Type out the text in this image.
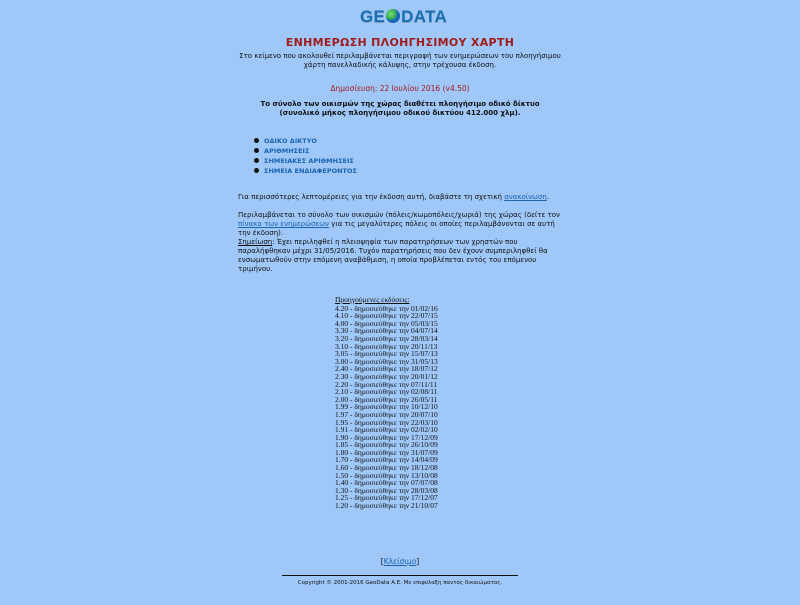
GE DATA
ΕΝΗΜΕΡΩΣΗ ΠΛΟΗΓΗΣΙΜΟΥ ΧΑΡΤΗ
Στο κείμενο που ακολουθεί περιλαμβάνεται περιγραφή των ενημερώσεων του πλοηγήσιμου χάρτη πανελλαδικής κάλυψης, στην τρέχουσα έκδοση.
Δημοσίευση: 22 Ιουλίου 2016 (v4.50)
Το σύνολο των οικισμών της χώρας διαθέτει πλοηγήσιμο οδικό δίκτυο (συνολικό μήκος πλοηγήσιμου οδικού δικτύου 412.000 χλμ).
ΟΔΙΚΟ ΔΙΚΤΥΟ
ΑΡΙΘΜΗΣΕΙΣ
ΣΗΜΕΙΑΚΕΣ ΑΡΙΘΜΗΣΕΙΣ
ΣΗΜΕΙΑ ΕΝΔΙΑΦΕΡΟΝΤΟΣ
Για περισσότερες λεπτομέρειες για την έκδοση αυτή, διαβάστε τη σχετική ανακοίνωση.
Περιλαμβάνεται το σύνολο των οικισμών (πόλεις/κωμοπόλεις/χωριά) της χώρας (δείτε τον πίνακα των ενημερώσεων για τις μεγαλύτερες πόλεις οι οποίες περιλαμβάνονται σε αυτή την έκδοση).
Σημείωση: Έχει περιληφθεί η πλειοψηφία των παρατηρήσεων των χρηστών που παραλήφθηκαν μέχρι 31/05/2016. Τυχόν παρατηρήσεις που δεν έχουν συμπεριληφθεί θα ενσωματωθούν στην επόμενη αναβάθμιση, η οποία προβλέπεται εντός του επόμενου τριμήνου.
Προηγούμενες εκδόσεις:
4.20 - δημοσιεύθηκε την 01/02/16
4.10 - δημοσιεύθηκε την 22/07/15
4.00 - δημοσιεύθηκε την 05/03/15
3.30 - δημοσιεύθηκε την 04/07/14
3.20 - δημοσιεύθηκε την 28/03/14
3.10 - δημοσιεύθηκε την 20/11/13
3.05 - δημοσιεύθηκε την 15/07/13
3.00 - δημοσιεύθηκε την 31/05/13
2.40 - δημοσιεύθηκε την 18/07/12
2.30 - δημοσιεύθηκε την 20/01/12
2.20 - δημοσιεύθηκε την 07/11/11
2.10 - δημοσιεύθηκε την 02/08/11
2.00 - δημοσιεύθηκε την 26/05/11
1.99 - δημοσιεύθηκε την 10/12/10
1.97 - δημοσιεύθηκε την 20/07/10
1.95 - δημοσιεύθηκε την 22/03/10
1.91 - δημοσιεύθηκε την 02/02/10
1.90 - δημοσιεύθηκε την 17/12/09
1.85 - δημοσιεύθηκε την 26/10/09
1.80 - δημοσιεύθηκε την 31/07/09
1.70 - δημοσιεύθηκε την 14/04/09
1.60 - δημοσιεύθηκε την 18/12/08
1.50 - δημοσιεύθηκε την 13/10/08
1.40 - δημοσιεύθηκε την 07/07/08
1.30 - δημοσιεύθηκε την 28/03/08
1.25 - δημοσιεύθηκε την 17/12/07
1.20 - δημοσιεύθηκε την 21/10/07
[Κλείσιμο]
Copyright © 2001-2016 GeoData A.E. Με επιφύλαξη παντός δικαιώματος.
